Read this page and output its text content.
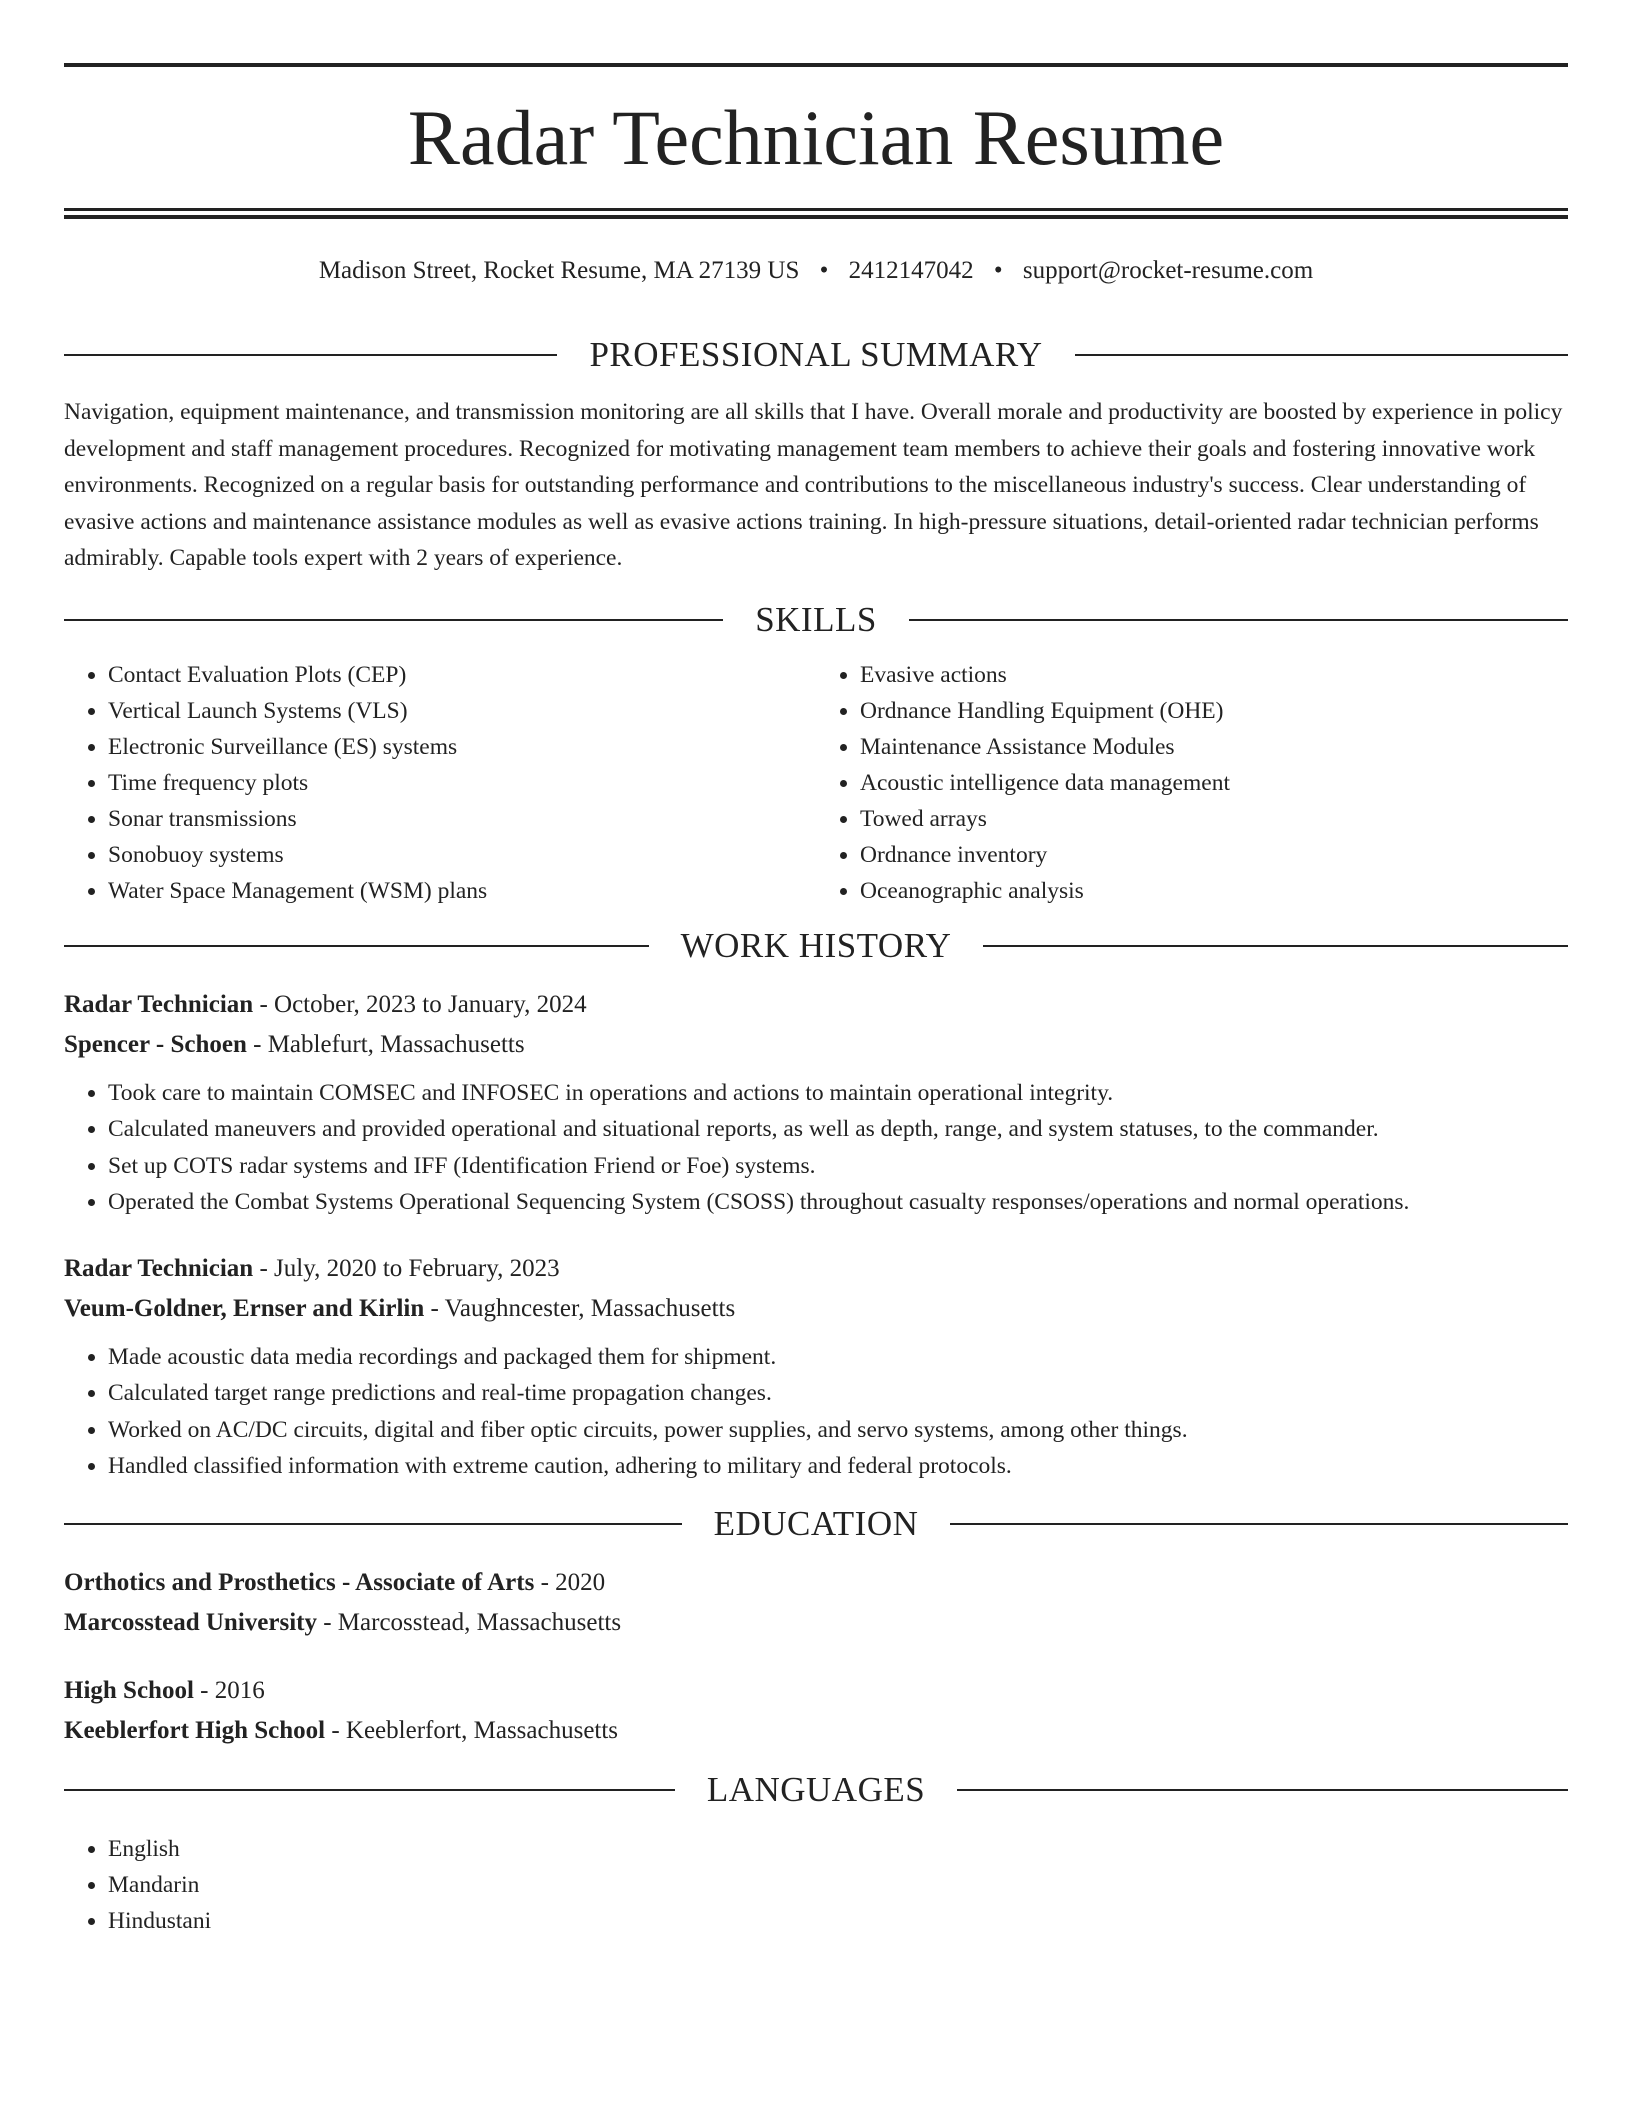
Radar Technician Resume
Madison Street, Rocket Resume, MA 27139 US • 2412147042 • support@rocket-resume.com
PROFESSIONAL SUMMARY

Navigation, equipment maintenance, and transmission monitoring are all skills that I have. Overall morale and productivity are boosted by experience in policy development and staff management procedures. Recognized for motivating management team members to achieve their goals and fostering innovative work environments. Recognized on a regular basis for outstanding performance and contributions to the miscellaneous industry's success. Clear understanding of evasive actions and maintenance assistance modules as well as evasive actions training. In high-pressure situations, detail-oriented radar technician performs admirably. Capable tools expert with 2 years of experience.

SKILLS
• Contact Evaluation Plots (CEP)
• Vertical Launch Systems (VLS)
• Electronic Surveillance (ES) systems
• Time frequency plots
• Sonar transmissions
• Sonobuoy systems
• Water Space Management (WSM) plans
• Evasive actions
• Ordnance Handling Equipment (OHE)
• Maintenance Assistance Modules
• Acoustic intelligence data management
• Towed arrays
• Ordnance inventory
• Oceanographic analysis
WORK HISTORY
Radar Technician - October, 2023 to January, 2024
Spencer - Schoen - Mablefurt, Massachusetts
• Took care to maintain COMSEC and INFOSEC in operations and actions to maintain operational integrity.
• Calculated maneuvers and provided operational and situational reports, as well as depth, range, and system statuses, to the commander.
• Set up COTS radar systems and IFF (Identification Friend or Foe) systems.
• Operated the Combat Systems Operational Sequencing System (CSOSS) throughout casualty responses/operations and normal operations.
Radar Technician - July, 2020 to February, 2023
Veum-Goldner, Ernser and Kirlin - Vaughncester, Massachusetts
• Made acoustic data media recordings and packaged them for shipment.
• Calculated target range predictions and real-time propagation changes.
• Worked on AC/DC circuits, digital and fiber optic circuits, power supplies, and servo systems, among other things.
• Handled classified information with extreme caution, adhering to military and federal protocols.
EDUCATION
Orthotics and Prosthetics - Associate of Arts - 2020
Marcosstead University - Marcosstead, Massachusetts
High School - 2016
Keeblerfort High School - Keeblerfort, Massachusetts
LANGUAGES
• English
• Mandarin
• Hindustani
